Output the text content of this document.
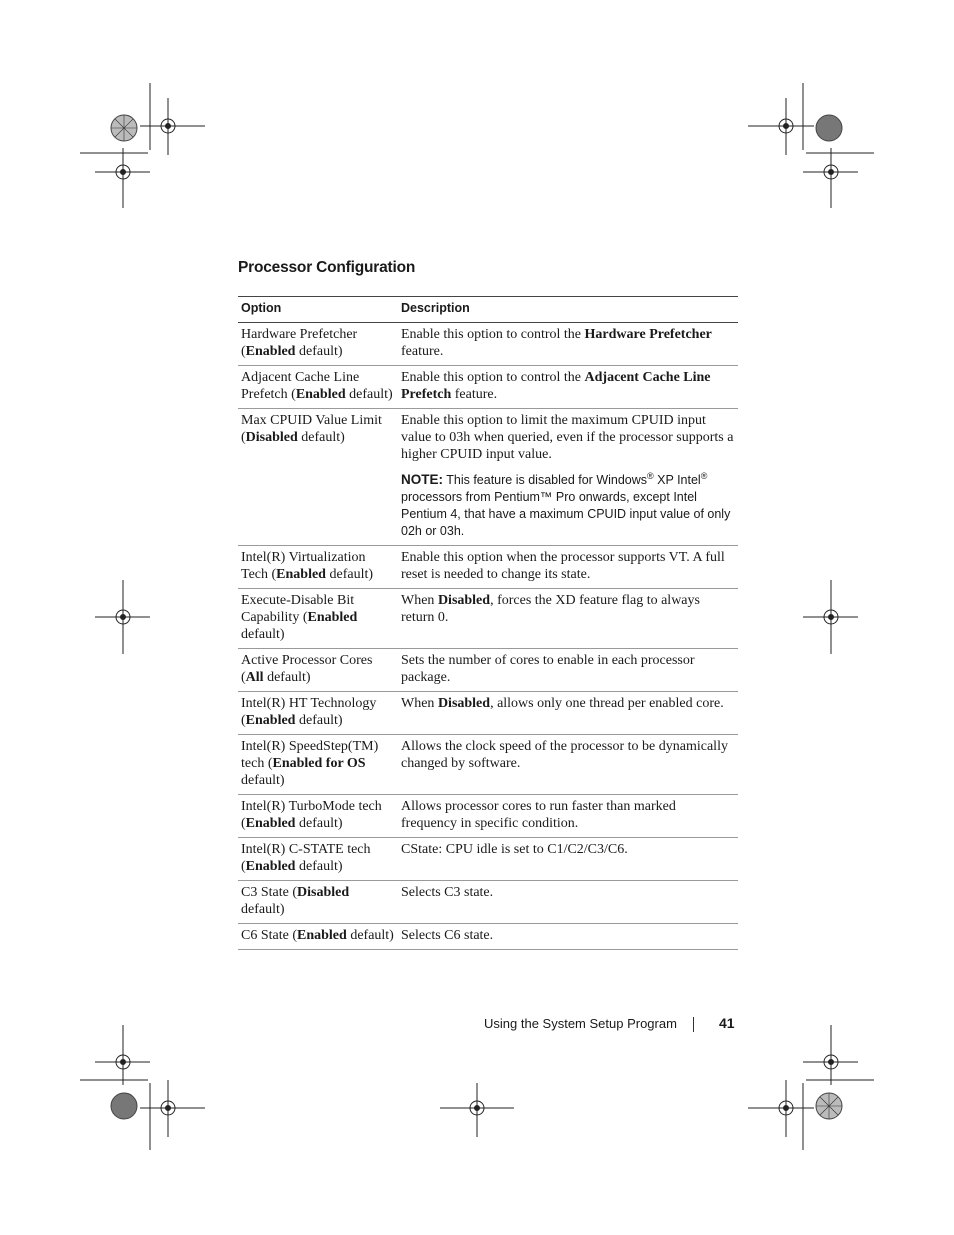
Processor Configuration
Option	Description
Hardware Prefetcher (Enabled default)	Enable this option to control the Hardware Prefetcher feature.

Adjacent Cache Line Prefetch (Enabled default)	Enable this option to control the Adjacent Cache Line Prefetch feature.

Max CPUID Value Limit (Disabled default)	Enable this option to limit the maximum CPUID input value to 03h when queried, even if the processor supports a higher CPUID input value.
NOTE: This feature is disabled for Windows® XP Intel® processors from Pentium™ Pro onwards, except Intel Pentium 4, that have a maximum CPUID input value of only 02h or 03h.

Intel(R) Virtualization Tech (Enabled default)	Enable this option when the processor supports VT. A full reset is needed to change its state.

Execute-Disable Bit Capability (Enabled default)	When Disabled, forces the XD feature flag to always return 0.

Active Processor Cores (All default)	Sets the number of cores to enable in each processor package.

Intel(R) HT Technology (Enabled default)	When Disabled, allows only one thread per enabled core.

Intel(R) SpeedStep(TM) tech (Enabled for OS default)	Allows the clock speed of the processor to be dynamically changed by software.

Intel(R) TurboMode tech (Enabled default)	Allows processor cores to run faster than marked frequency in specific condition.

Intel(R) C-STATE tech (Enabled default)	CState: CPU idle is set to C1/C2/C3/C6.

C3 State (Disabled default)	Selects C3 state.

C6 State (Enabled default)	Selects C6 state.
Using the System Setup Program	41
